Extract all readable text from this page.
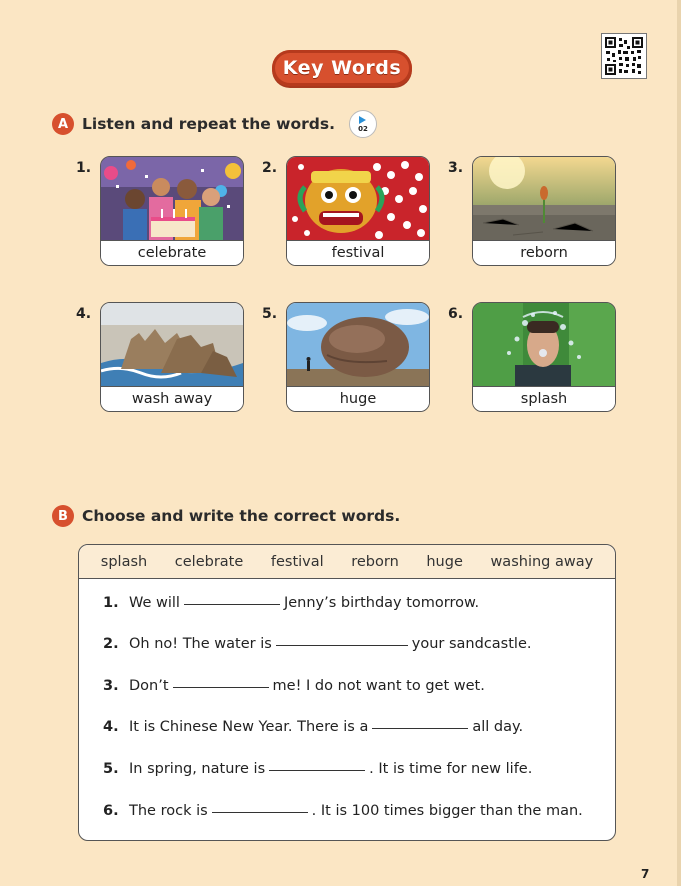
Key Words
A Listen and repeat the words.	02
1.
celebrate
2.
festival
3.
reborn
4.
wash away
5.
huge
6.
splash
B Choose and write the correct words.
splash celebrate festival reborn huge washing away
1. We will	Jenny’s birthday tomorrow.
2. Oh no! The water is	your sandcastle.
3. Don’t	me! I do not want to get wet.
4. It is Chinese New Year. There is a	all day.
5. In spring, nature is	. It is time for new life.
6. The rock is	. It is 100 times bigger than the man.
7
